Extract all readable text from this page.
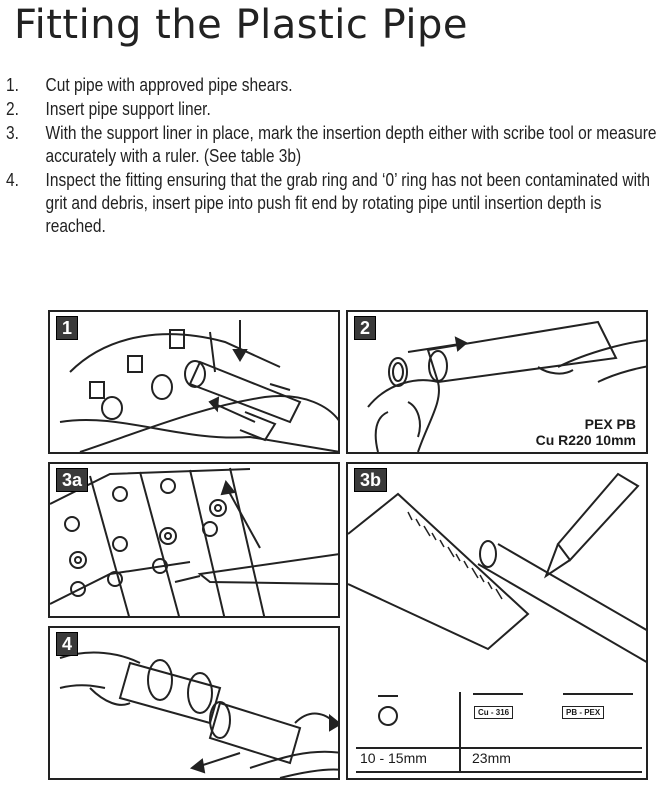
Fitting the Plastic Pipe
1.	Cut pipe with approved pipe shears.
2.	Insert pipe support liner.
3.	With the support liner in place, mark the insertion depth either with scribe tool or measure accurately with a ruler. (See table 3b)
4.	Inspect the fitting ensuring that the grab ring and ‘0’ ring has not been contaminated with grit and debris, insert pipe into push fit end by rotating pipe until insertion depth is reached.
1	2
PEX PB
Cu R220 10mm
3a	3b
Cu - 316	PB - PEX
10 - 15mm	23mm
4
